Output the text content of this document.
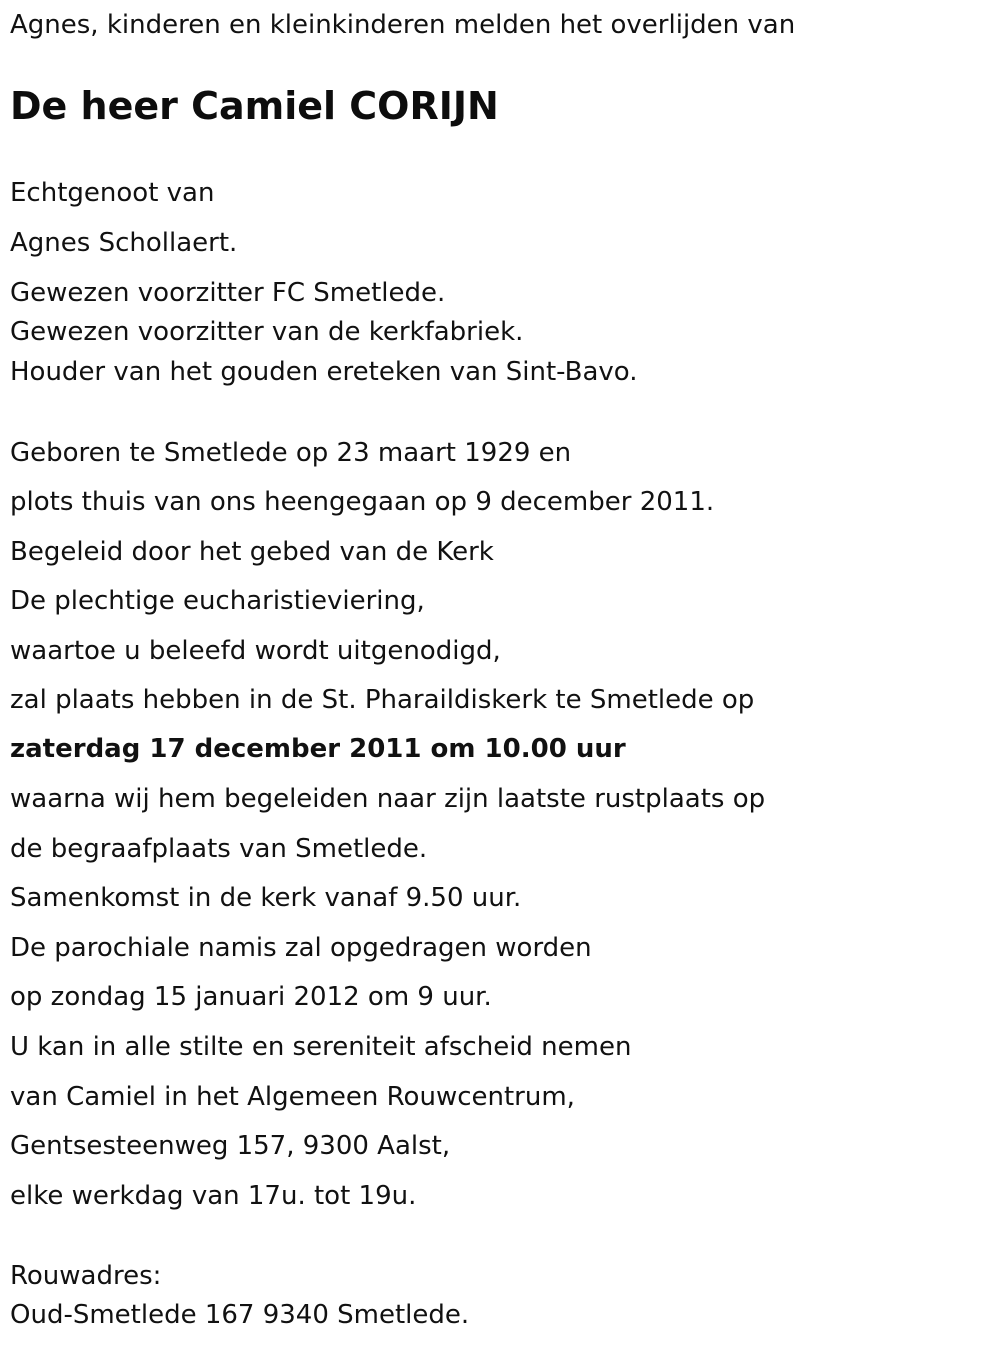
Agnes, kinderen en kleinkinderen melden het overlijden van
De heer Camiel CORIJN
Echtgenoot van
Agnes Schollaert.
Gewezen voorzitter FC Smetlede.
Gewezen voorzitter van de kerkfabriek.
Houder van het gouden ereteken van Sint-Bavo.
Geboren te Smetlede op 23 maart 1929 en
plots thuis van ons heengegaan op 9 december 2011.
Begeleid door het gebed van de Kerk
De plechtige eucharistieviering,
waartoe u beleefd wordt uitgenodigd,
zal plaats hebben in de St. Pharaildiskerk te Smetlede op
zaterdag 17 december 2011 om 10.00 uur
waarna wij hem begeleiden naar zijn laatste rustplaats op
de begraafplaats van Smetlede.
Samenkomst in de kerk vanaf 9.50 uur.
De parochiale namis zal opgedragen worden
op zondag 15 januari 2012 om 9 uur.
U kan in alle stilte en sereniteit afscheid nemen
van Camiel in het Algemeen Rouwcentrum,
Gentsesteenweg 157, 9300 Aalst,
elke werkdag van 17u. tot 19u.
Rouwadres:
Oud-Smetlede 167 9340 Smetlede.
